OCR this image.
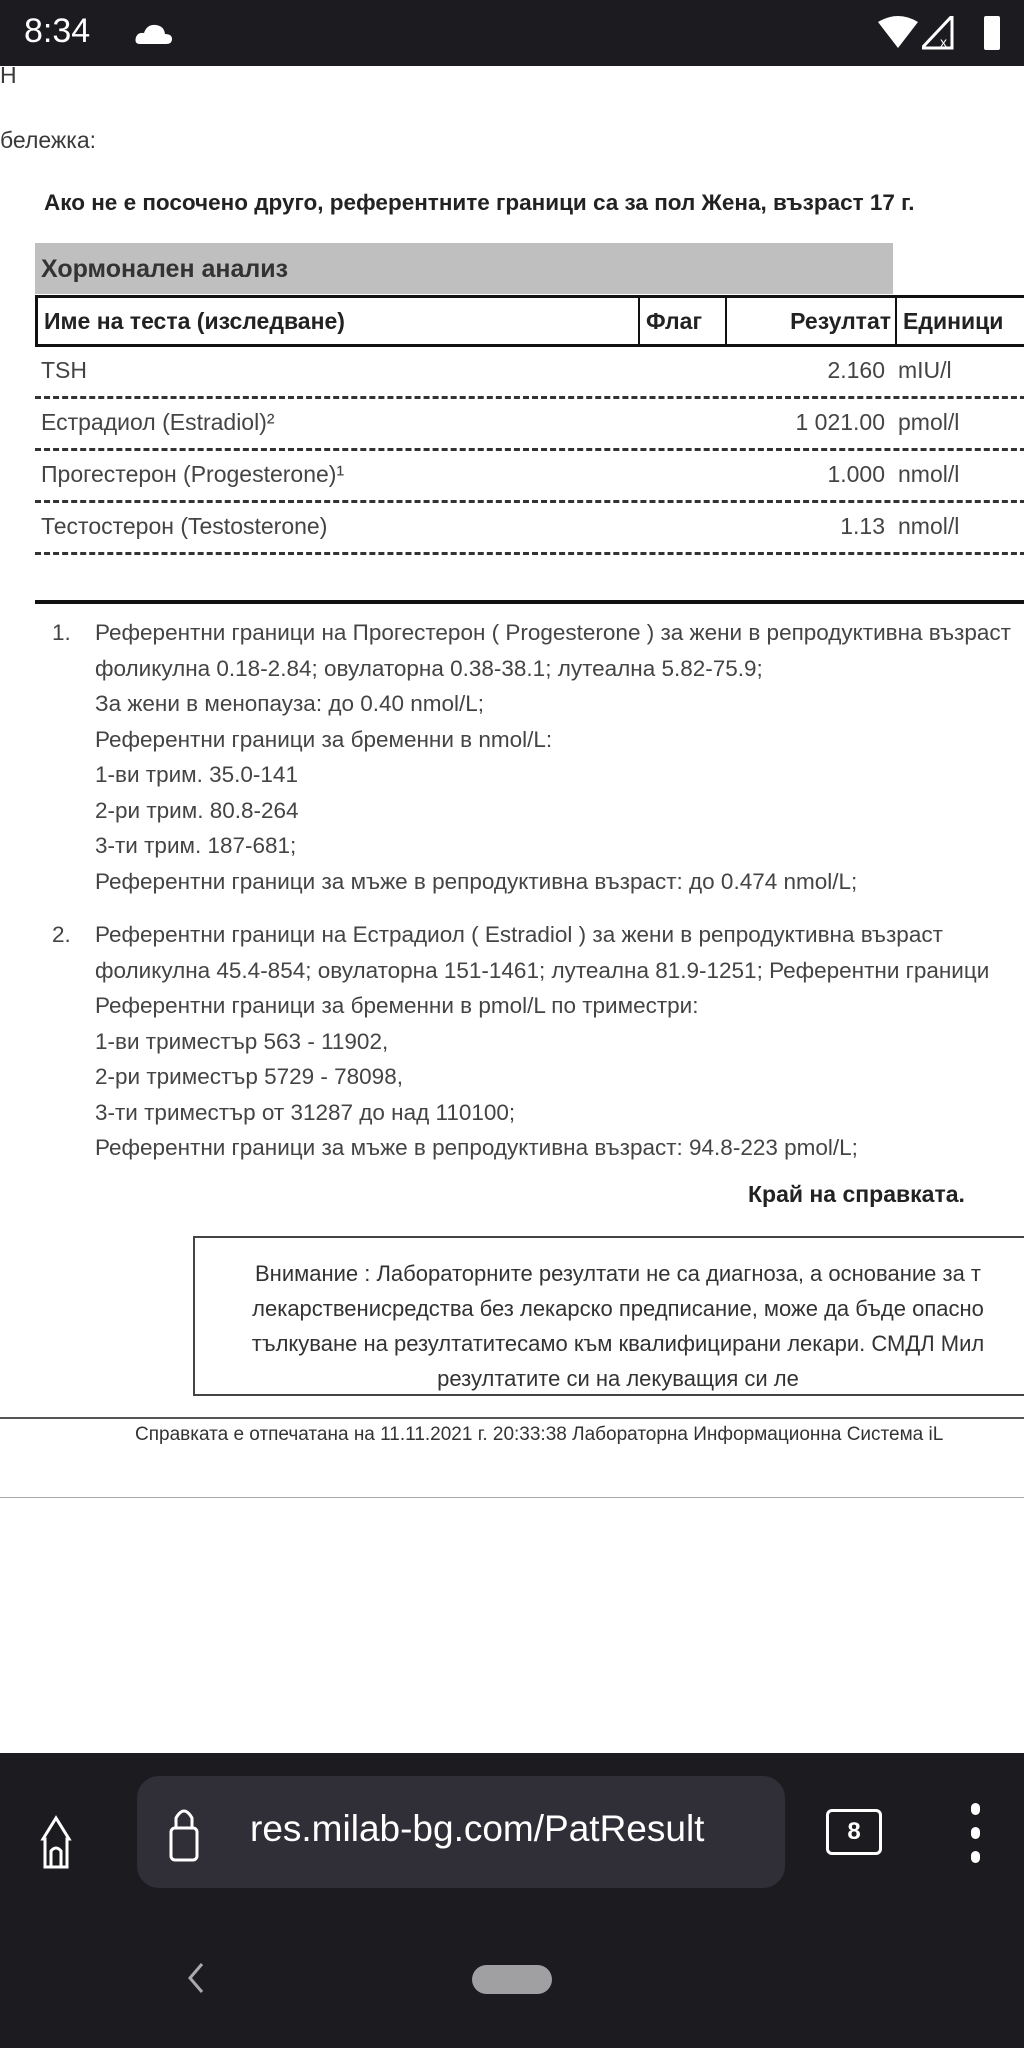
8:34	x
Н
бележка:
Ако не е посочено друго, референтните граници са за пол Жена, възраст 17 г.
Хормонален анализ
Име на теста (изследване)	Флаг	Резултат Единици
TSH	2.160 mIU/l
Естрадиол (Estradiol)²	1 021.00 pmol/l
Прогестерон (Progesterone)¹	1.000 nmol/l
Тестостерон (Testosterone)	1.13 nmol/l
1. Референтни граници на Прогестерон ( Progesterone ) за жени в репродуктивна възраст
фоликулна 0.18-2.84; овулаторна 0.38-38.1; лутеална 5.82-75.9;
За жени в менопауза: до 0.40 nmol/L;
Референтни граници за бременни в nmol/L:
1-ви трим. 35.0-141
2-ри трим. 80.8-264
3-ти трим. 187-681;
Референтни граници за мъже в репродуктивна възраст: до 0.474 nmol/L;
2. Референтни граници на Естрадиол ( Estradiol ) за жени в репродуктивна възраст
фоликулна 45.4-854; овулаторна 151-1461; лутеална 81.9-1251; Референтни граници
Референтни граници за бременни в pmol/L по триместри:
1-ви триместър 563 - 11902,
2-ри триместър 5729 - 78098,
3-ти триместър от 31287 до над 110100;
Референтни граници за мъже в репродуктивна възраст: 94.8-223 pmol/L;
Край на справката.
Внимание : Лабораторните резултати не са диагноза, а основание за т
лекарственисредства без лекарско предписание, може да бъде опасно
тълкуване на резултатитесамо към квалифицирани лекари. СМДЛ Мил
резултатите си на лекуващия си ле
Справката е отпечатана на 11.11.2021 г. 20:33:38 Лабораторна Информационна Система iL
res.milab-bg.com/PatResult	8
